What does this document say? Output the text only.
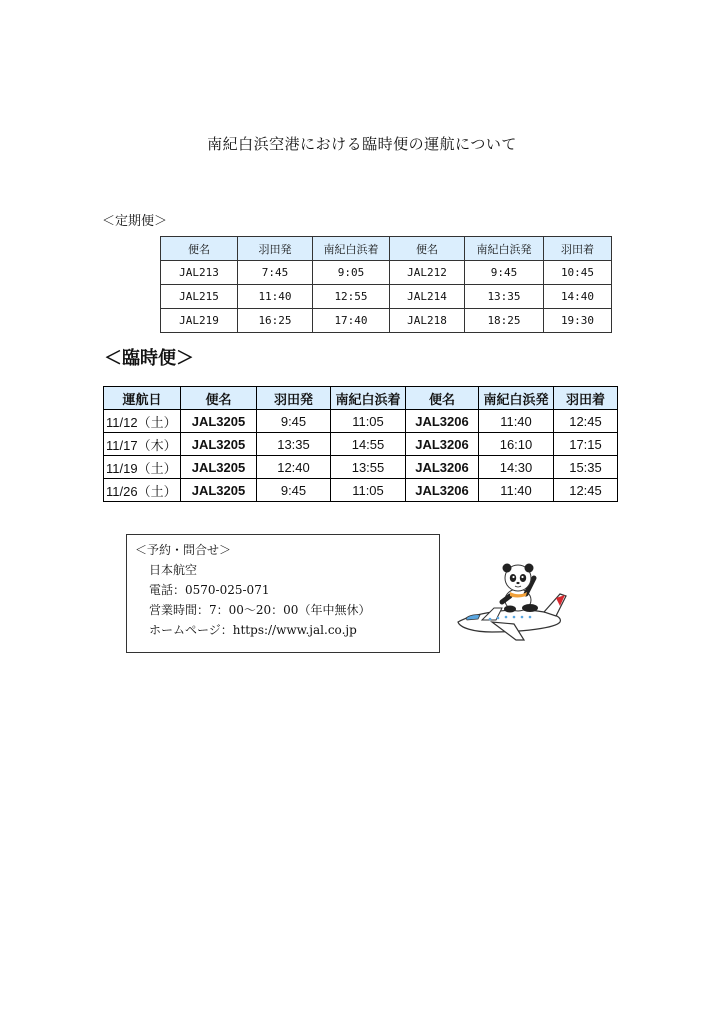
南紀白浜空港における臨時便の運航について
＜定期便＞
便名	羽田発	南紀白浜着	便名	南紀白浜発	羽田着
JAL213	7:45	9:05	JAL212	9:45	10:45
JAL215	11:40	12:55	JAL214	13:35	14:40
JAL219	16:25	17:40	JAL218	18:25	19:30
＜臨時便＞
運航日	便名	羽田発	南紀白浜着	便名	南紀白浜発	羽田着
11/12（土）	JAL3205	9:45	11:05	JAL3206	11:40	12:45
11/17（木）	JAL3205	13:35	14:55	JAL3206	16:10	17:15
11/19（土）	JAL3205	12:40	13:55	JAL3206	14:30	15:35
11/26（土）	JAL3205	9:45	11:05	JAL3206	11:40	12:45
＜予約・問合せ＞
日本航空
電話：0570-025-071
営業時間：7：00～20：00（年中無休）
ホームページ：https://www.jal.co.jp
